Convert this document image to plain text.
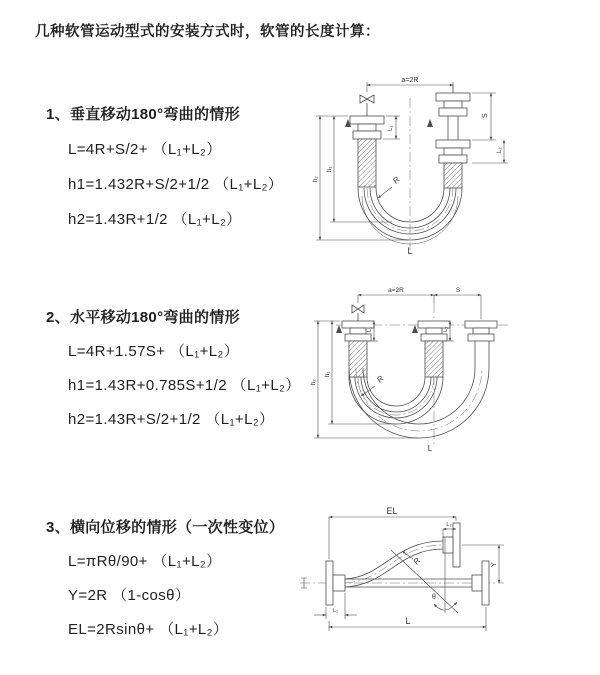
几种软管运动型式的安装方式时，软管的长度计算：
1、垂直移动180°弯曲的情形
L=4R+S/2+ （L₁+L₂）
h1=1.432R+S/2+1/2 （L₁+L₂）
h2=1.43R+1/2 （L₁+L₂）
2、水平移动180°弯曲的情形
L=4R+1.57S+ （L₁+L₂）
h1=1.43R+0.785S+1/2 （L₁+L₂）
h2=1.43R+S/2+1/2 （L₁+L₂）
3、横向位移的情形（一次性变位）
L=πRθ/90+ （L₁+L₂）
Y=2R （1-cosθ）
EL=2Rsinθ+ （L₁+L₂）
a=2R
L₁
S
L₂
h₂
h₁
R
L
a=2R	S
L₁	L₂
h₂
h₁	R
L
EL
L₂
Y
θ
R
L₁
L
